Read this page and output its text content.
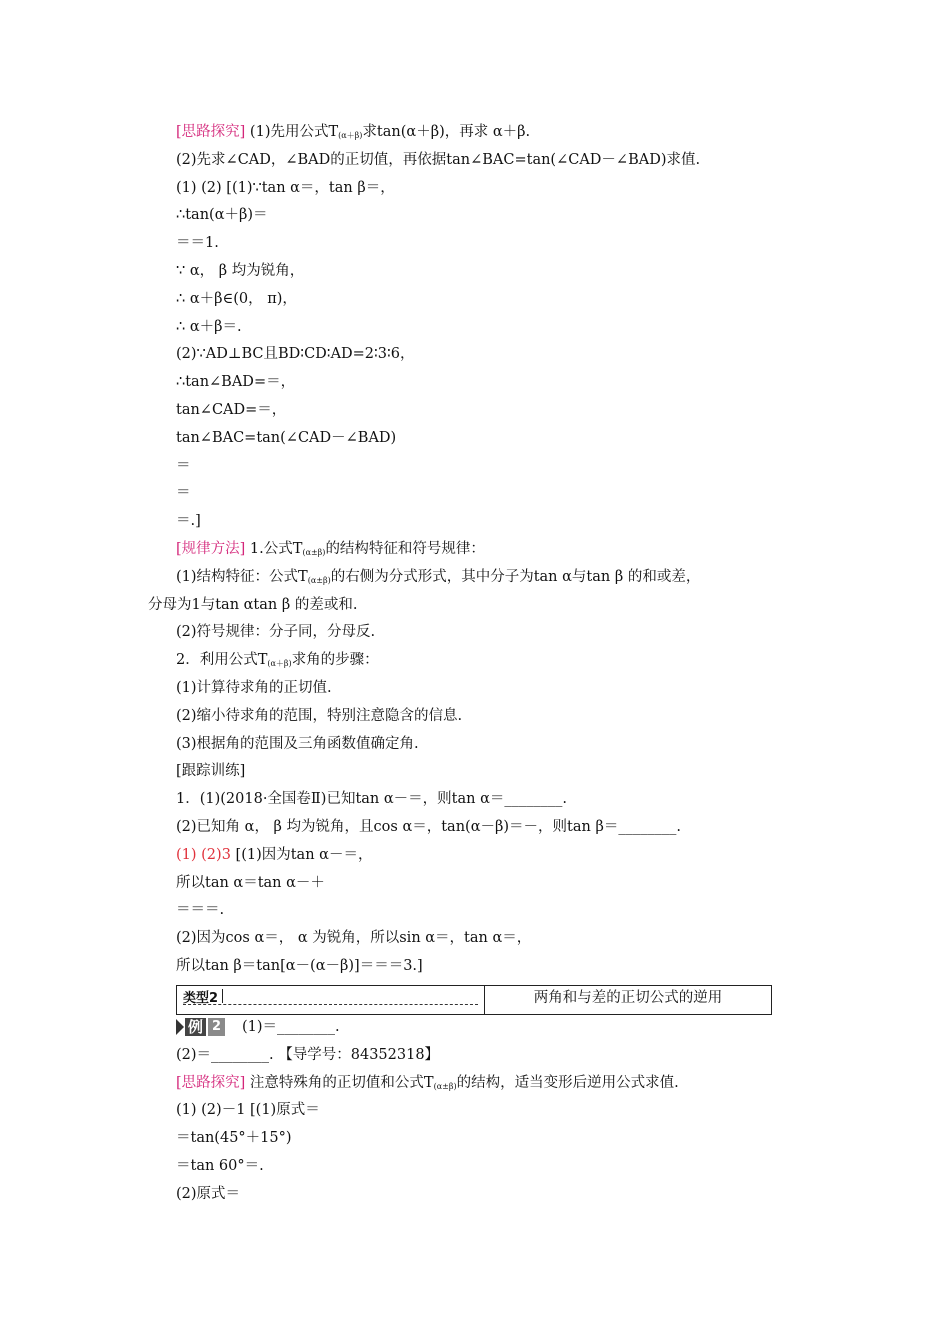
[思路探究] (1)先用公式$T_{(\alpha+\beta)}$求tan(α＋β)，再求 α＋β.
(2)先求∠CAD，∠BAD的正切值，再依据tan∠BAC=tan(∠CAD－∠BAD)求值.
(1) (2) [(1)∵tan α＝，tan β＝，
∴tan(α＋β)＝
＝＝1.
∵ α， β 均为锐角，
∴ α＋β∈(0， π)，
∴ α＋β＝.
(2)∵AD⊥BC且BD∶CD∶AD=2∶3∶6，
∴tan∠BAD=＝，
tan∠CAD=＝，
tan∠BAC=tan(∠CAD－∠BAD)
＝
＝
＝.]
[规律方法] 1.公式$T_{(\alpha\pm\beta)}$的结构特征和符号规律：
(1)结构特征：公式$T_{(\alpha\pm\beta)}$的右侧为分式形式，其中分子为tan α与tan β 的和或差，
分母为1与tan αtan β 的差或和.
(2)符号规律：分子同，分母反.
2．利用公式$T_{(\alpha+\beta)}$求角的步骤：
(1)计算待求角的正切值.
(2)缩小待求角的范围，特别注意隐含的信息.
(3)根据角的范围及三角函数值确定角.
[跟踪训练]
1．(1)(2018·全国卷Ⅱ)已知tan α－＝，则tan α＝________.
(2)已知角 α， β 均为锐角，且cos α＝，tan(α－β)＝－，则tan β＝________.
(1) (2)3 [(1)因为tan α－＝，
所以tan α＝tan α－＋
＝＝＝.
(2)因为cos α＝， α 为锐角，所以sin α＝，tan α＝，
所以tan β＝tan[α－(α－β)]＝＝＝3.]
类型2	两角和与差的正切公式的逆用
例 2 (1)＝________.
(2)＝________. 【导学号：84352318】
[思路探究] 注意特殊角的正切值和公式$T_{(\alpha\pm\beta)}$的结构，适当变形后逆用公式求值.
(1) (2)－1 [(1)原式＝
＝tan(45°＋15°)
＝tan 60°＝.
(2)原式＝
